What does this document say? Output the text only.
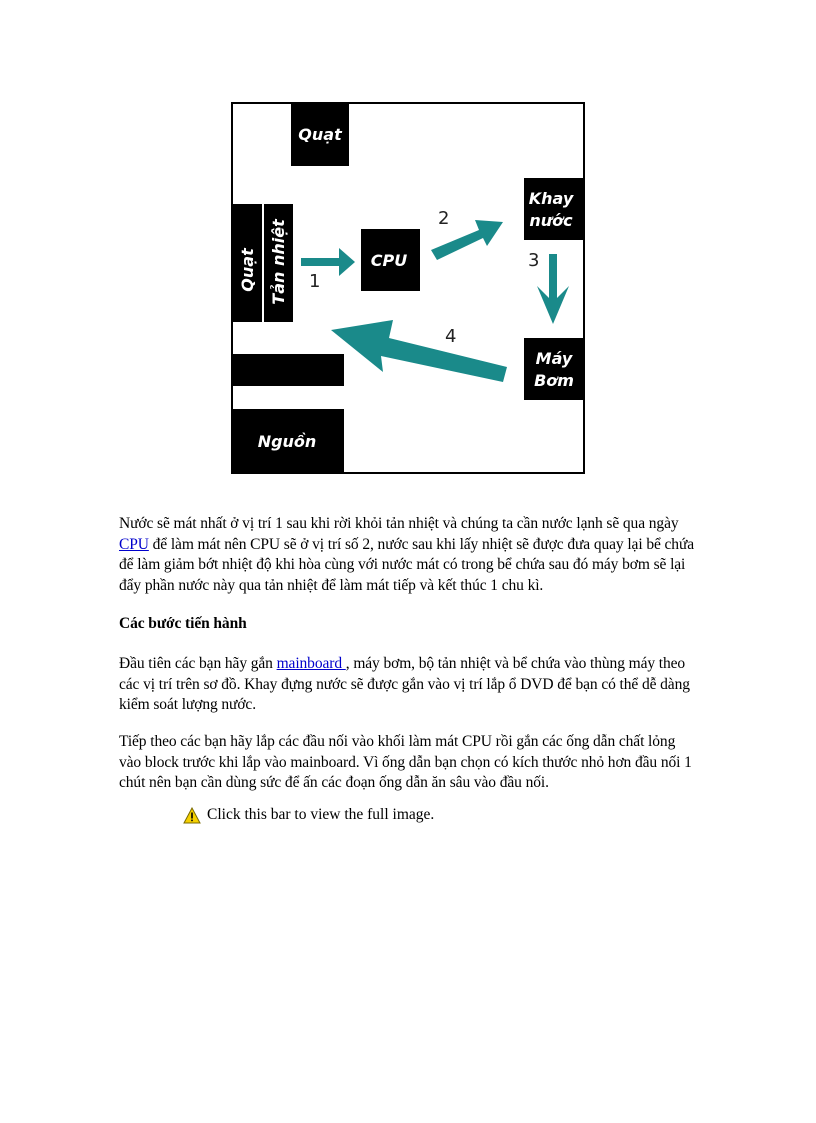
Quạt
Khay
nước
Quạt Tản nhiệt	CPU
Máy
Bơm
Nguồn
1
2
3
4
Nước sẽ mát nhất ở vị trí 1 sau khi rời khỏi tản nhiệt và chúng ta cần nước lạnh sẽ qua ngày CPU để làm mát nên CPU sẽ ở vị trí số 2, nước sau khi lấy nhiệt sẽ được đưa quay lại bể chứa để làm giảm bớt nhiệt độ khi hòa cùng với nước mát có trong bể chứa sau đó máy bơm sẽ lại đẩy phần nước này qua tản nhiệt để làm mát tiếp và kết thúc 1 chu kì.
Các bước tiến hành
Đầu tiên các bạn hãy gắn mainboard , máy bơm, bộ tản nhiệt và bể chứa vào thùng máy theo các vị trí trên sơ đồ. Khay đựng nước sẽ được gắn vào vị trí lắp ổ DVD để bạn có thể dễ dàng kiểm soát lượng nước.
Tiếp theo các bạn hãy lắp các đầu nối vào khối làm mát CPU rồi gắn các ống dẫn chất lỏng vào block trước khi lắp vào mainboard. Vì ống dẫn bạn chọn có kích thước nhỏ hơn đầu nối 1 chút nên bạn cần dùng sức để ấn các đoạn ống dẫn ăn sâu vào đầu nối.
Click this bar to view the full image.
